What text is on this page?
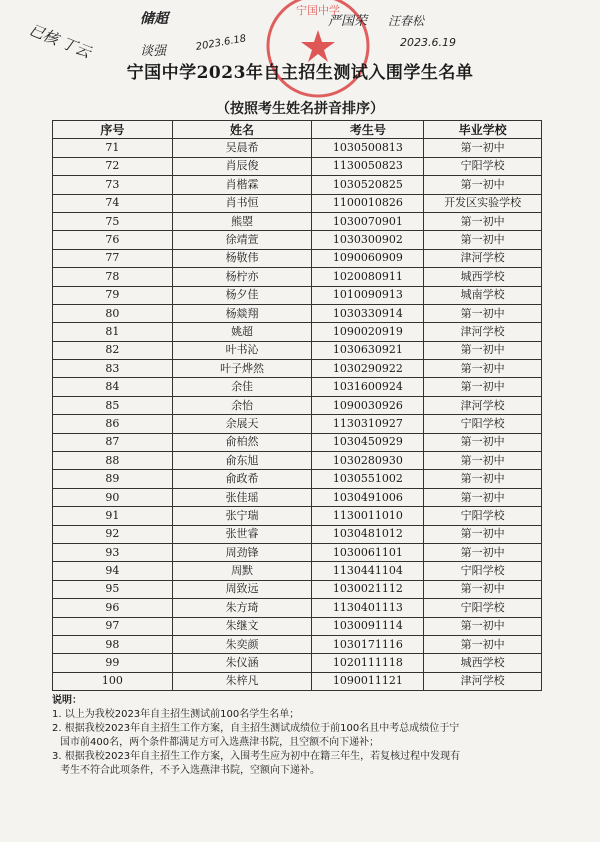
宁国中学
已核 丁云
储超
谈强	2023.6.18
严国荣 汪春松
2023.6.19
宁国中学2023年自主招生测试入围学生名单
（按照考生姓名拼音排序）
序号	姓名	考生号	毕业学校
71	吴晨希	1030500813	第一初中
72	肖辰俊	1130050823	宁阳学校
73	肖楷霖	1030520825	第一初中
74	肖书恒	1100010826	开发区实验学校
75	熊曌	1030070901	第一初中
76	徐靖萱	1030300902	第一初中
77	杨敬伟	1090060909	津河学校
78	杨柠亦	1020080911	城西学校
79	杨夕佳	1010090913	城南学校
80	杨燚翔	1030330914	第一初中
81	姚超	1090020919	津河学校
82	叶书沁	1030630921	第一初中
83	叶子烨然	1030290922	第一初中
84	余佳	1031600924	第一初中
85	余怡	1090030926	津河学校
86	余展天	1130310927	宁阳学校
87	俞柏然	1030450929	第一初中
88	俞东旭	1030280930	第一初中
89	俞政希	1030551002	第一初中
90	张佳瑶	1030491006	第一初中
91	张宁瑞	1130011010	宁阳学校
92	张世睿	1030481012	第一初中
93	周劲锋	1030061101	第一初中
94	周默	1130441104	宁阳学校
95	周致远	1030021112	第一初中
96	朱方琦	1130401113	宁阳学校
97	朱继文	1030091114	第一初中
98	朱奕颜	1030171116	第一初中
99	朱仪涵	1020111118	城西学校
100	朱梓凡	1090011121	津河学校

说明：

1. 以上为我校2023年自主招生测试前100名学生名单；

2. 根据我校2023年自主招生工作方案，自主招生测试成绩位于前100名且中考总成绩位于宁

国市前400名，两个条件都满足方可入选燕津书院，且空额不向下递补；

3. 根据我校2023年自主招生工作方案，入围考生应为初中在籍三年生，若复核过程中发现有

考生不符合此项条件，不予入选燕津书院，空额向下递补。
